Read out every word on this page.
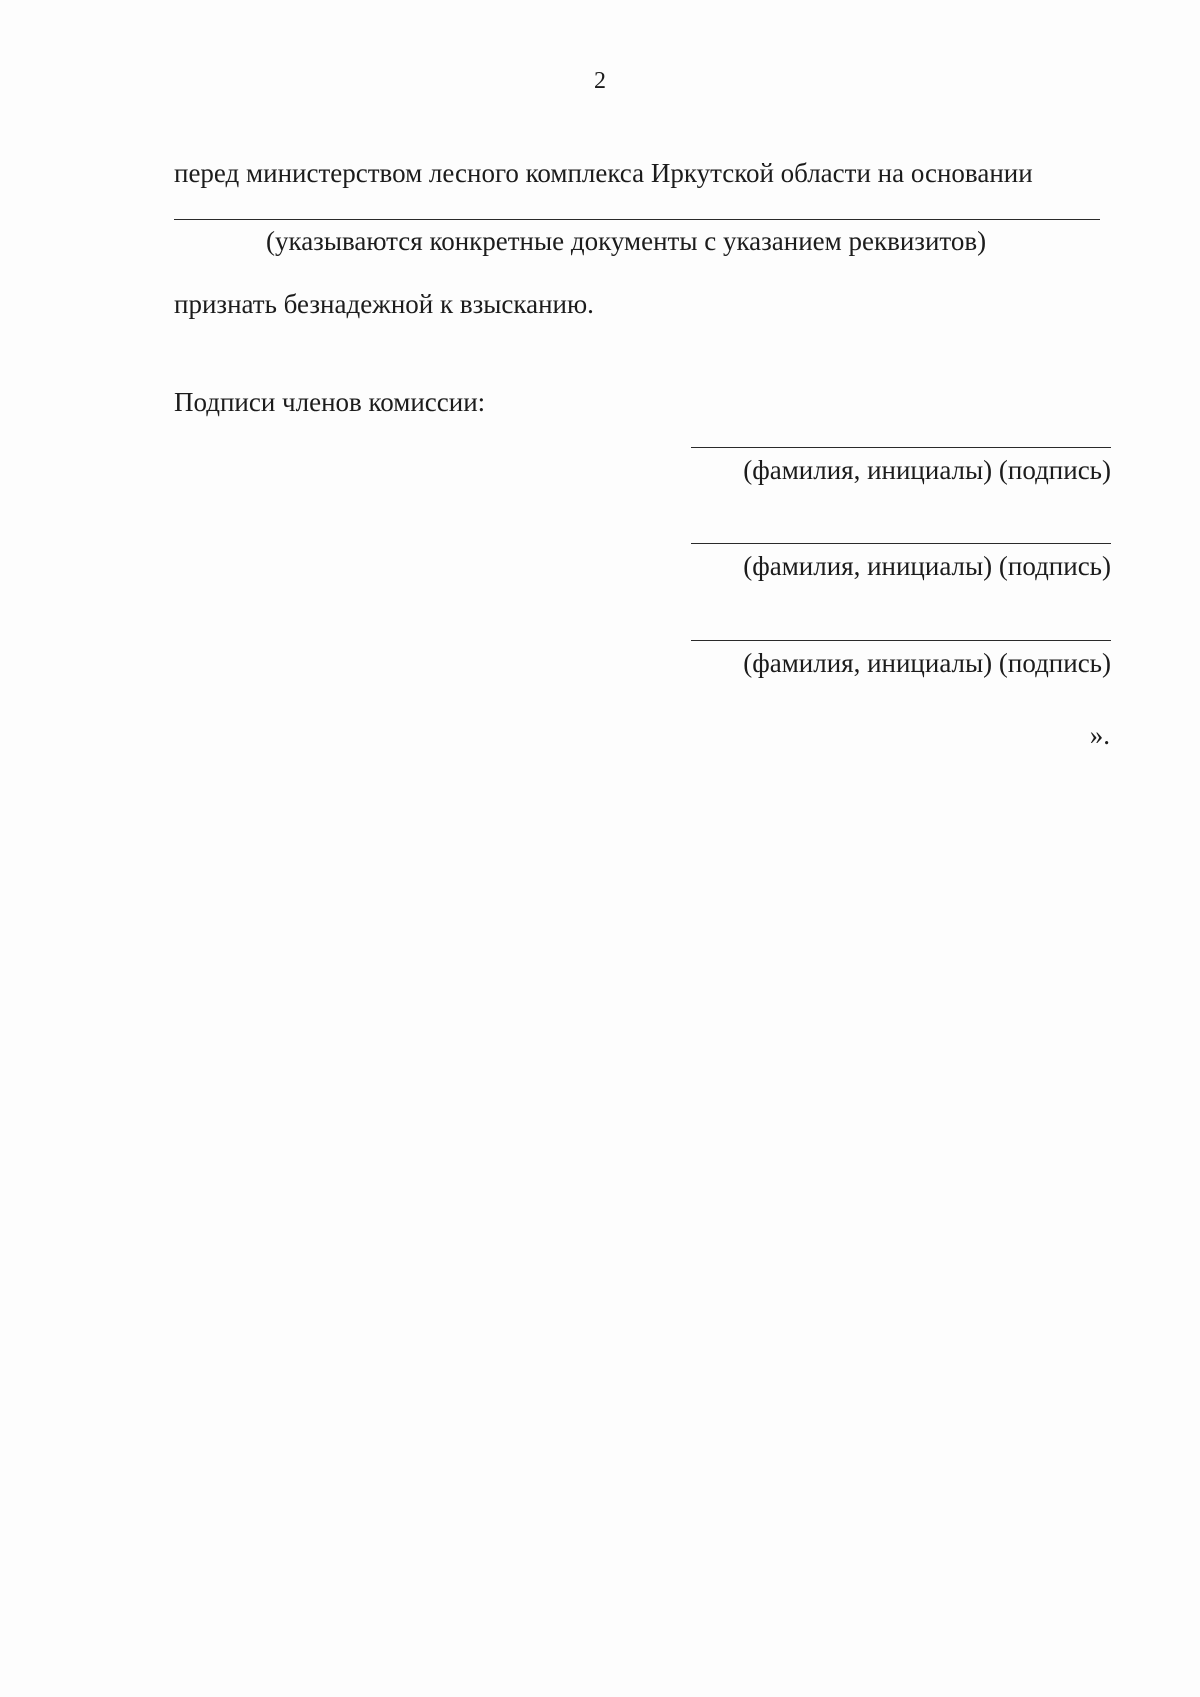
2
перед министерством лесного комплекса Иркутской области на основании
(указываются конкретные документы с указанием реквизитов)
признать безнадежной к взысканию.
Подписи членов комиссии:
(фамилия, инициалы) (подпись)
(фамилия, инициалы) (подпись)
(фамилия, инициалы) (подпись)
».
